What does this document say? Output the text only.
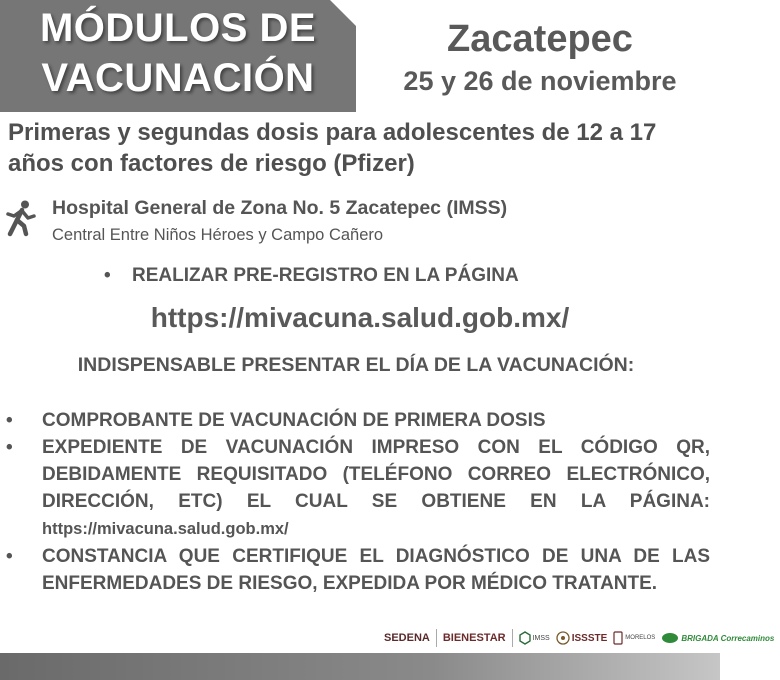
MÓDULOS DE
VACUNACIÓN
Zacatepec
25 y 26 de noviembre
Primeras y segundas dosis para adolescentes de 12 a 17 años con factores de riesgo (Pfizer)
Hospital General de Zona No. 5 Zacatepec (IMSS)
Central Entre Niños Héroes y Campo Cañero
• REALIZAR PRE-REGISTRO EN LA PÁGINA
https://mivacuna.salud.gob.mx/
INDISPENSABLE PRESENTAR EL DÍA DE LA VACUNACIÓN:
• COMPROBANTE DE VACUNACIÓN DE PRIMERA DOSIS
• EXPEDIENTE DE VACUNACIÓN IMPRESO CON EL CÓDIGO QR, DEBIDAMENTE REQUISITADO (TELÉFONO CORREO ELECTRÓNICO, DIRECCIÓN, ETC) EL CUAL SE OBTIENE EN LA PÁGINA: https://mivacuna.salud.gob.mx/
• CONSTANCIA QUE CERTIFIQUE EL DIAGNÓSTICO DE UNA DE LAS ENFERMEDADES DE RIESGO, EXPEDIDA POR MÉDICO TRATANTE.
SEDENA BIENESTAR	IMSS ISSSTE	MORELOS	BRIGADA Correcaminos
